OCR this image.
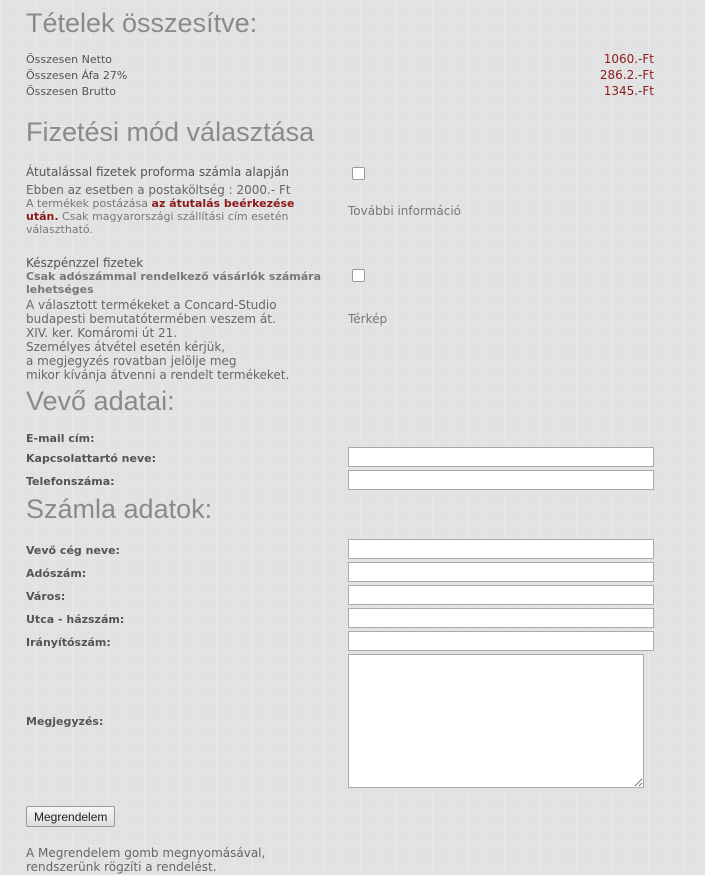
Tételek összesítve:
Összesen Netto	1060.-Ft
Összesen Áfa 27%	286.2.-Ft
Összesen Brutto	1345.-Ft
Fizetési mód választása
Átutalással fizetek proforma számla alapján
Ebben az esetben a postaköltség : 2000.- Ft
A termékek postázása az átutalás beérkezése
után. Csak magyarországi szállítási cím esetén
választható.
További információ
Készpénzzel fizetek
Csak adószámmal rendelkező vásárlók számára
lehetséges
A választott termékeket a Concard-Studio
budapesti bemutatótermében veszem át.
XIV. ker. Komáromi út 21.
Személyes átvétel esetén kérjük,
a megjegyzés rovatban jelölje meg
mikor kívánja átvenni a rendelt termékeket.
Térkép
Vevő adatai:
E-mail cím:
Kapcsolattartó neve:
Telefonszáma:
Számla adatok:
Vevő cég neve:
Adószám:
Város:
Utca - házszám:
Irányítószám:
Megjegyzés:
Megrendelem
A Megrendelem gomb megnyomásával,
rendszerünk rögzíti a rendelést.
